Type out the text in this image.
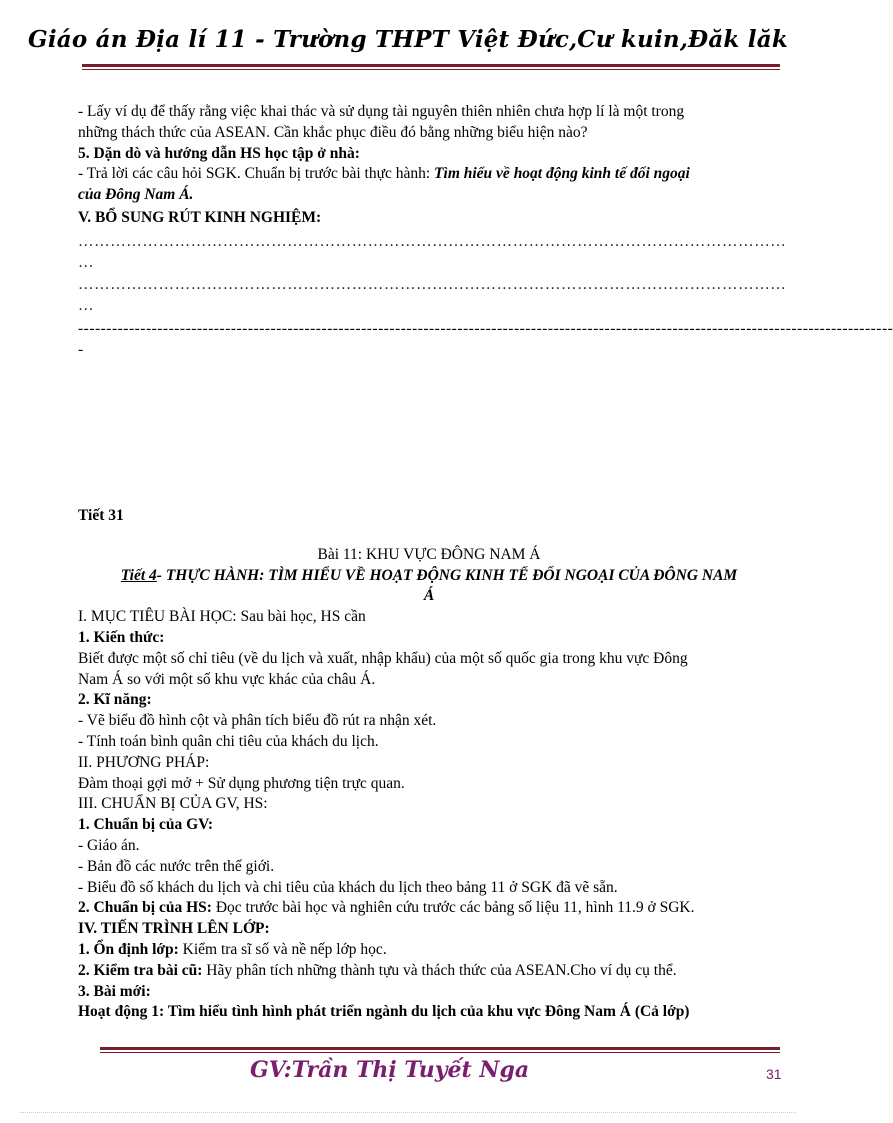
Giáo án Địa lí 11 - Trường THPT Việt Đức,Cư kuin,Đăk lăk

- Lấy ví dụ để thấy rằng việc khai thác và sử dụng tài nguyên thiên nhiên chưa hợp lí là một trong

những thách thức của ASEAN. Cần khắc phục điều đó bằng những biểu hiện nào?

5. Dặn dò và hướng dẫn HS học tập ở nhà:

- Trả lời các câu hỏi SGK. Chuẩn bị trước bài thực hành: Tìm hiểu về hoạt động kinh tế đối ngoại

của Đông Nam Á.

V. BỔ SUNG RÚT KINH NGHIỆM:

……………………………………………………………………………………………………………………

…

……………………………………………………………………………………………………………………

…

------------------------------------------------------------------------------------------------------------------------------------------------

-

Tiết 31

Bài 11: KHU VỰC ĐÔNG NAM Á

Tiết 4- THỰC HÀNH: TÌM HIỂU VỀ HOẠT ĐỘNG KINH TẾ ĐỐI NGOẠI CỦA ĐÔNG NAM

Á

I. MỤC TIÊU BÀI HỌC: Sau bài học, HS cần

1. Kiến thức:

Biết được một số chỉ tiêu (về du lịch và xuất, nhập khẩu) của một số quốc gia trong khu vực Đông

Nam Á so với một số khu vực khác của châu Á.

2. Kĩ năng:

- Vẽ biểu đồ hình cột và phân tích biểu đồ rút ra nhận xét.

- Tính toán bình quân chi tiêu của khách du lịch.

II. PHƯƠNG PHÁP:

Đàm thoại gợi mở + Sử dụng phương tiện trực quan.

III. CHUẨN BỊ CỦA GV, HS:

1. Chuẩn bị của GV:

- Giáo án.

- Bản đồ các nước trên thế giới.

- Biểu đồ số khách du lịch và chi tiêu của khách du lịch theo bảng 11 ở SGK đã vẽ sẵn.

2. Chuẩn bị của HS: Đọc trước bài học và nghiên cứu trước các bảng số liệu 11, hình 11.9 ở SGK.

IV. TIẾN TRÌNH LÊN LỚP:

1. Ổn định lớp: Kiểm tra sĩ số và nề nếp lớp học.

2. Kiểm tra bài cũ: Hãy phân tích những thành tựu và thách thức của ASEAN.Cho ví dụ cụ thể.

3. Bài mới:

Hoạt động 1: Tìm hiểu tình hình phát triển ngành du lịch của khu vực Đông Nam Á (Cả lớp)

GV:Trần Thị Tuyết Nga	31
